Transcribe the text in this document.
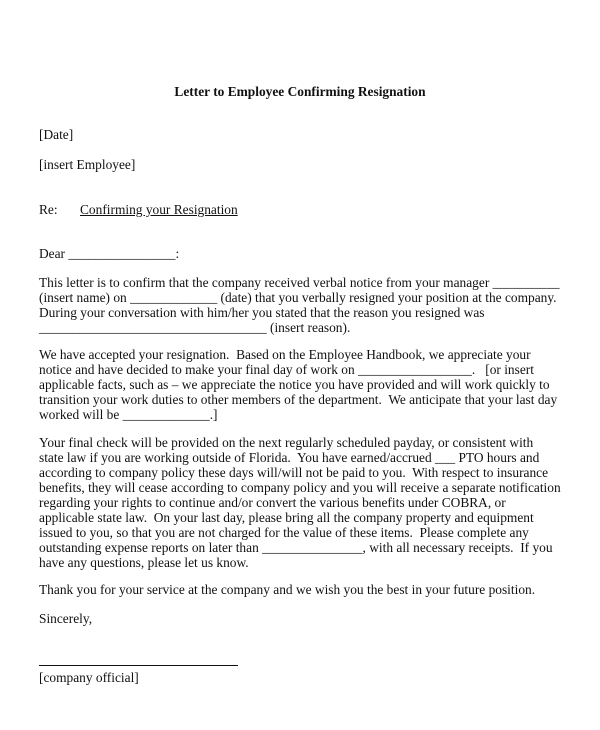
Letter to Employee Confirming Resignation
[Date]
[insert Employee]
Re: Confirming your Resignation
Dear ________________:
This letter is to confirm that the company received verbal notice from your manager __________
(insert name) on _____________ (date) that you verbally resigned your position at the company.
During your conversation with him/her you stated that the reason you resigned was
__________________________________ (insert reason).
We have accepted your resignation.  Based on the Employee Handbook, we appreciate your
notice and have decided to make your final day of work on _________________.   [or insert
applicable facts, such as – we appreciate the notice you have provided and will work quickly to
transition your work duties to other members of the department.  We anticipate that your last day
worked will be _____________.]
Your final check will be provided on the next regularly scheduled payday, or consistent with
state law if you are working outside of Florida.  You have earned/accrued ___ PTO hours and
according to company policy these days will/will not be paid to you.  With respect to insurance
benefits, they will cease according to company policy and you will receive a separate notification
regarding your rights to continue and/or convert the various benefits under COBRA, or
applicable state law.  On your last day, please bring all the company property and equipment
issued to you, so that you are not charged for the value of these items.  Please complete any
outstanding expense reports on later than _______________, with all necessary receipts.  If you
have any questions, please let us know.
Thank you for your service at the company and we wish you the best in your future position.
Sincerely,
[company official]
